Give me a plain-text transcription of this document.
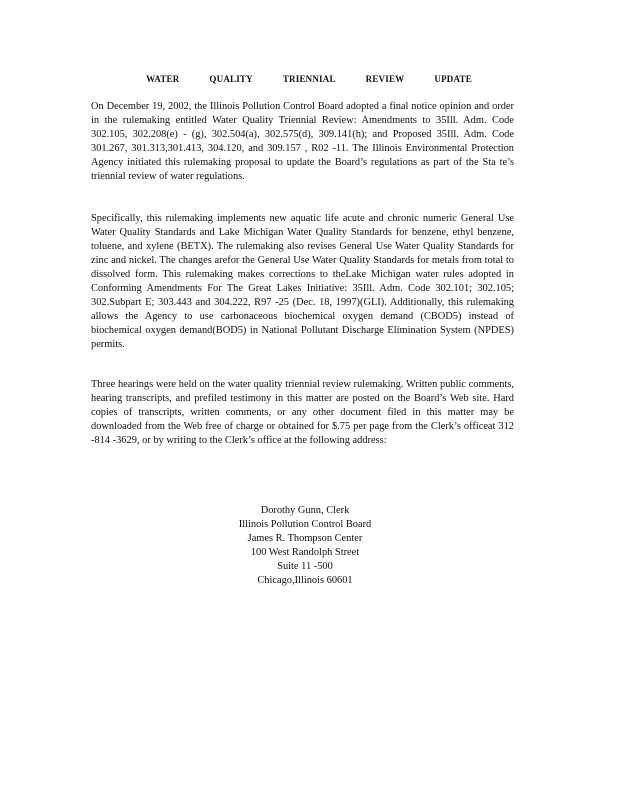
WATER	QUALITY	TRIENNIAL	REVIEW	UPDATE
On December 19, 2002, the Illinois Pollution Control Board adopted a final notice opinion and order in the rulemaking entitled Water Quality Triennial Review: Amendments to 35Ill. Adm. Code 302.105, 302.208(e) - (g), 302.504(a), 302.575(d), 309.141(h); and Proposed 35Ill. Adm. Code 301.267, 301.313,301.413, 304.120, and 309.157 , R02 -11. The Illinois Environmental Protection Agency initiated this rulemaking proposal to update the Board’s regulations as part of the Sta te’s triennial review of water regulations.
Specifically, this rulemaking implements new aquatic life acute and chronic numeric General Use Water Quality Standards and Lake Michigan Water Quality Standards for benzene, ethyl benzene, toluene, and xylene (BETX). The rulemaking also revises General Use Water Quality Standards for zinc and nickel. The changes arefor the General Use Water Quality Standards for metals from total to dissolved form. This rulemaking makes corrections to theLake Michigan water rules adopted in Conforming Amendments For The Great Lakes Initiative: 35Ill. Adm. Code 302.101; 302.105; 302.Subpart E; 303.443 and 304.222, R97 -25 (Dec. 18, 1997)(GLI). Additionally, this rulemaking allows the Agency to use carbonaceous biochemical oxygen demand (CBOD5) instead of biochemical oxygen demand(BOD5) in National Pollutant Discharge Elimination System (NPDES) permits.
Three hearings were held on the water quality triennial review rulemaking. Written public comments, hearing transcripts, and prefiled testimony in this matter are posted on the Board’s Web site. Hard copies of transcripts, written comments, or any other document filed in this matter may be downloaded from the Web free of charge or obtained for $.75 per page from the Clerk’s officeat 312 -814 -3629, or by writing to the Clerk’s office at the following address:
Dorothy Gunn, Clerk
Illinois Pollution Control Board
James R. Thompson Center
100 West Randolph Street
Suite 11 -500
Chicago,Illinois 60601
